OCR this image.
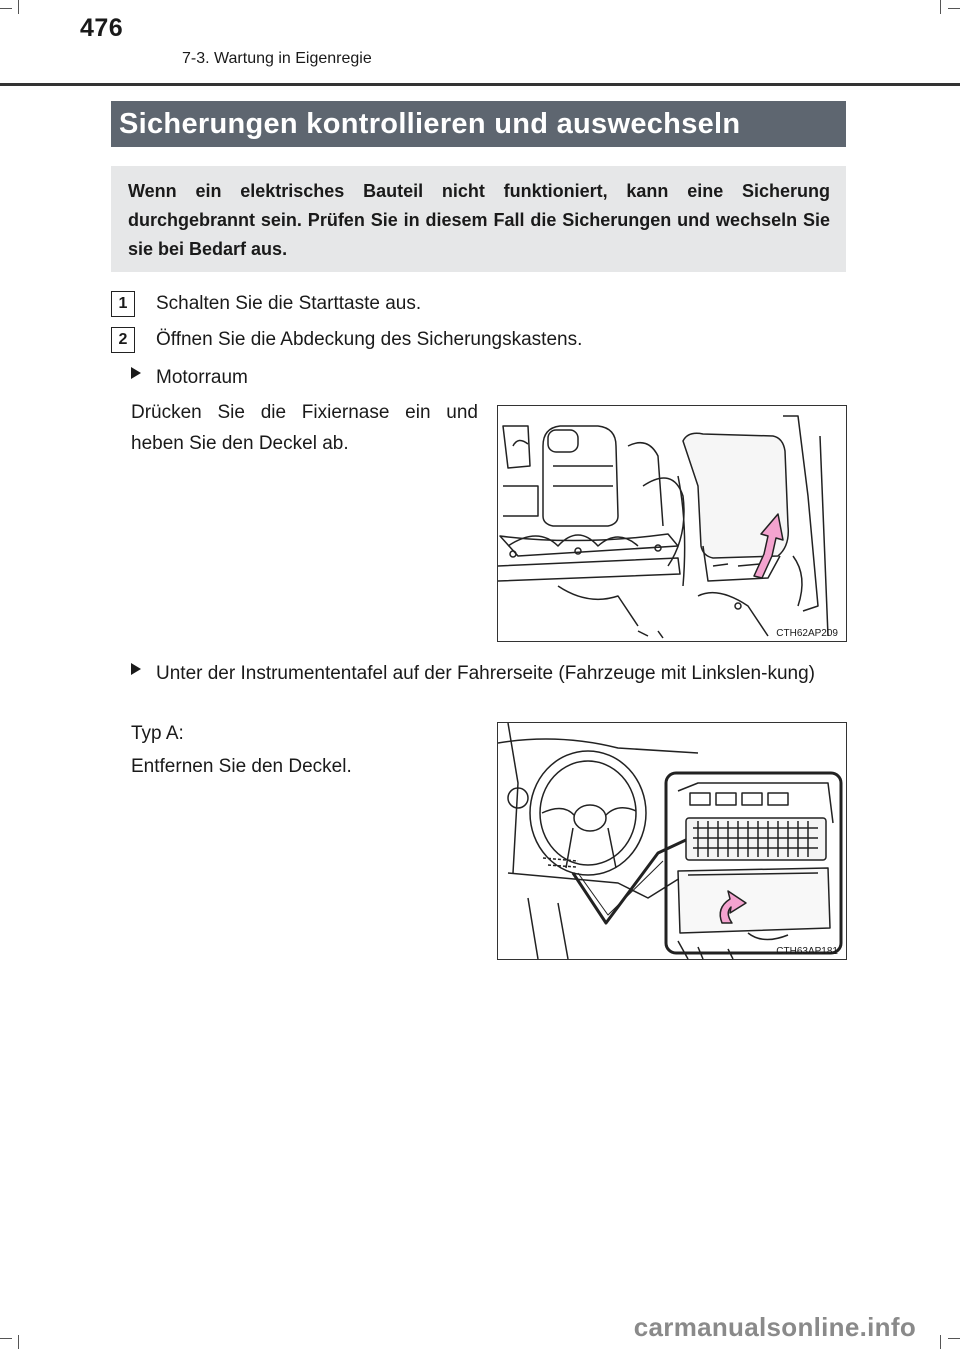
476
7-3. Wartung in Eigenregie
Sicherungen kontrollieren und auswechseln
Wenn ein elektrisches Bauteil nicht funktioniert, kann eine Sicherung durchgebrannt sein. Prüfen Sie in diesem Fall die Sicherungen und wechseln Sie sie bei Bedarf aus.
1	Schalten Sie die Starttaste aus.
2	Öffnen Sie die Abdeckung des Sicherungskastens.
Motorraum
Drücken Sie die Fixiernase ein und heben Sie den Deckel ab.
CTH62AP209
Unter der Instrumententafel auf der Fahrerseite (Fahrzeuge mit Linkslen-kung)
Typ A:
Entfernen Sie den Deckel.
CTH63AP181
carmanualsonline.info
